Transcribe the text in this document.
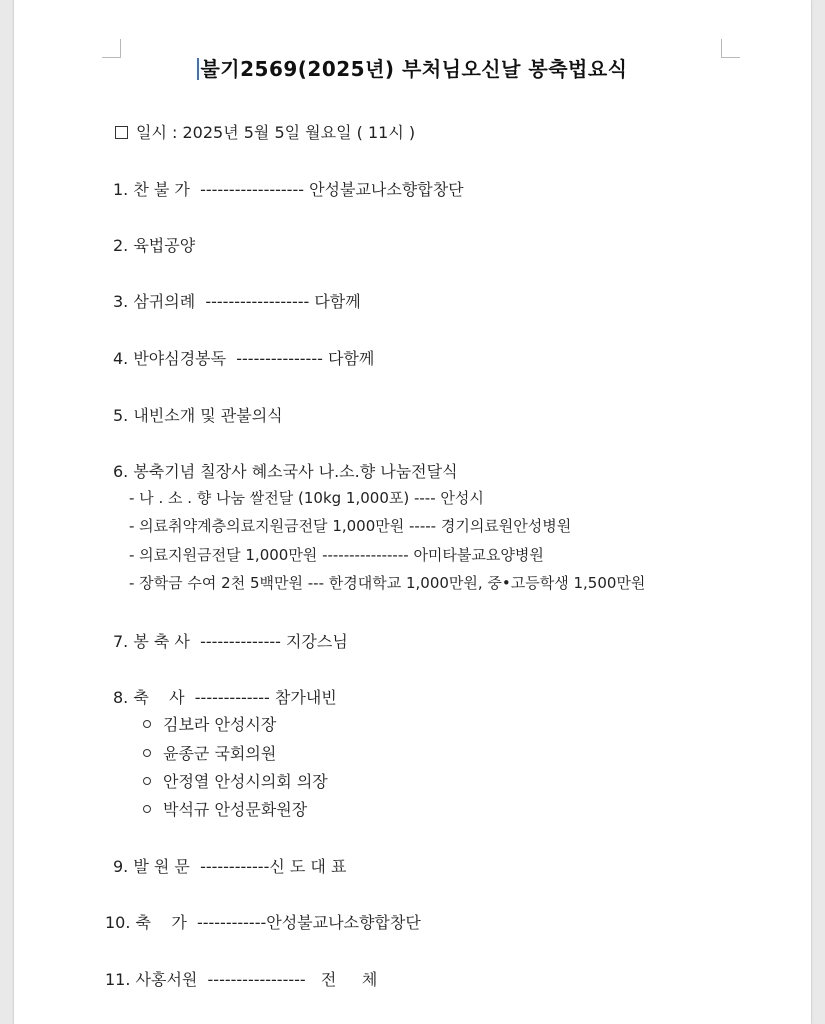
불기2569(2025년) 부처님오신날 봉축법요식
일시 : 2025년 5월 5일 월요일 ( 11시 )
1. 찬 불 가  ------------------ 안성불교나소향합창단
2. 육법공양
3. 삼귀의례  ------------------ 다함께
4. 반야심경봉독  --------------- 다함께
5. 내빈소개 및 관불의식
6. 봉축기념 칠장사 혜소국사 나.소.향 나눔전달식
- 나 . 소 . 향 나눔 쌀전달 (10kg 1,000포) ---- 안성시
- 의료취약계층의료지원금전달 1,000만원 ----- 경기의료원안성병원
- 의료지원금전달 1,000만원 ---------------- 아미타불교요양병원
- 장학금 수여 2천 5백만원 --- 한경대학교 1,000만원, 중•고등학생 1,500만원
7. 봉 축 사  -------------- 지강스님
8. 축    사  ------------- 참가내빈
김보라 안성시장
윤종군 국회의원
안정열 안성시의회 의장
박석규 안성문화원장
9. 발 원 문  ------------신 도 대 표
10. 축    가  ------------안성불교나소향합창단
11. 사홍서원  -----------------   전     체
